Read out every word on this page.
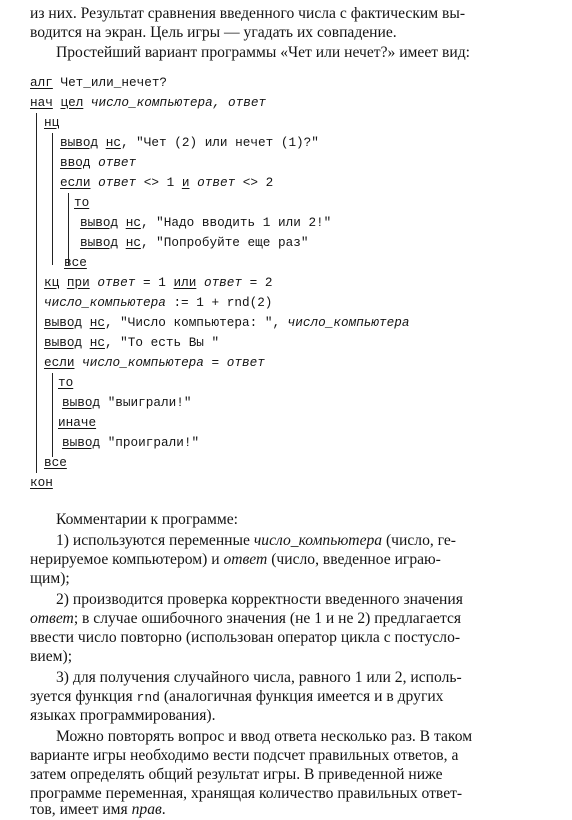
из них. Результат сравнения введенного числа с фактическим вы-
водится на экран. Цель игры — угадать их совпадение.
Простейший вариант программы «Чет или нечет?» имеет вид:
алг Чет_или_нечет?
нач цел число_компьютера, ответ
нц
вывод нс, "Чет (2) или нечет (1)?"
ввод ответ
если ответ <> 1 и ответ <> 2
то
вывод нс, "Надо вводить 1 или 2!"
вывод нс, "Попробуйте еще раз"
все
кц при ответ = 1 или ответ = 2
число_компьютера := 1 + rnd(2)
вывод нс, "Число компьютера: ", число_компьютера
вывод нс, "То есть Вы "
если число_компьютера = ответ
то
вывод "выиграли!"
иначе
вывод "проиграли!"
все
кон
Комментарии к программе:
1) используются переменные число_компьютера (число, ге-
нерируемое компьютером) и ответ (число, введенное играю-
щим);
2) производится проверка корректности введенного значения
ответ; в случае ошибочного значения (не 1 и не 2) предлагается
ввести число повторно (использован оператор цикла с постусло-
вием);
3) для получения случайного числа, равного 1 или 2, исполь-
зуется функция rnd (аналогичная функция имеется и в других
языках программирования).
Можно повторять вопрос и ввод ответа несколько раз. В таком
варианте игры необходимо вести подсчет правильных ответов, а
затем определять общий результат игры. В приведенной ниже
программе переменная, хранящая количество правильных ответ-
тов, имеет имя прав.
